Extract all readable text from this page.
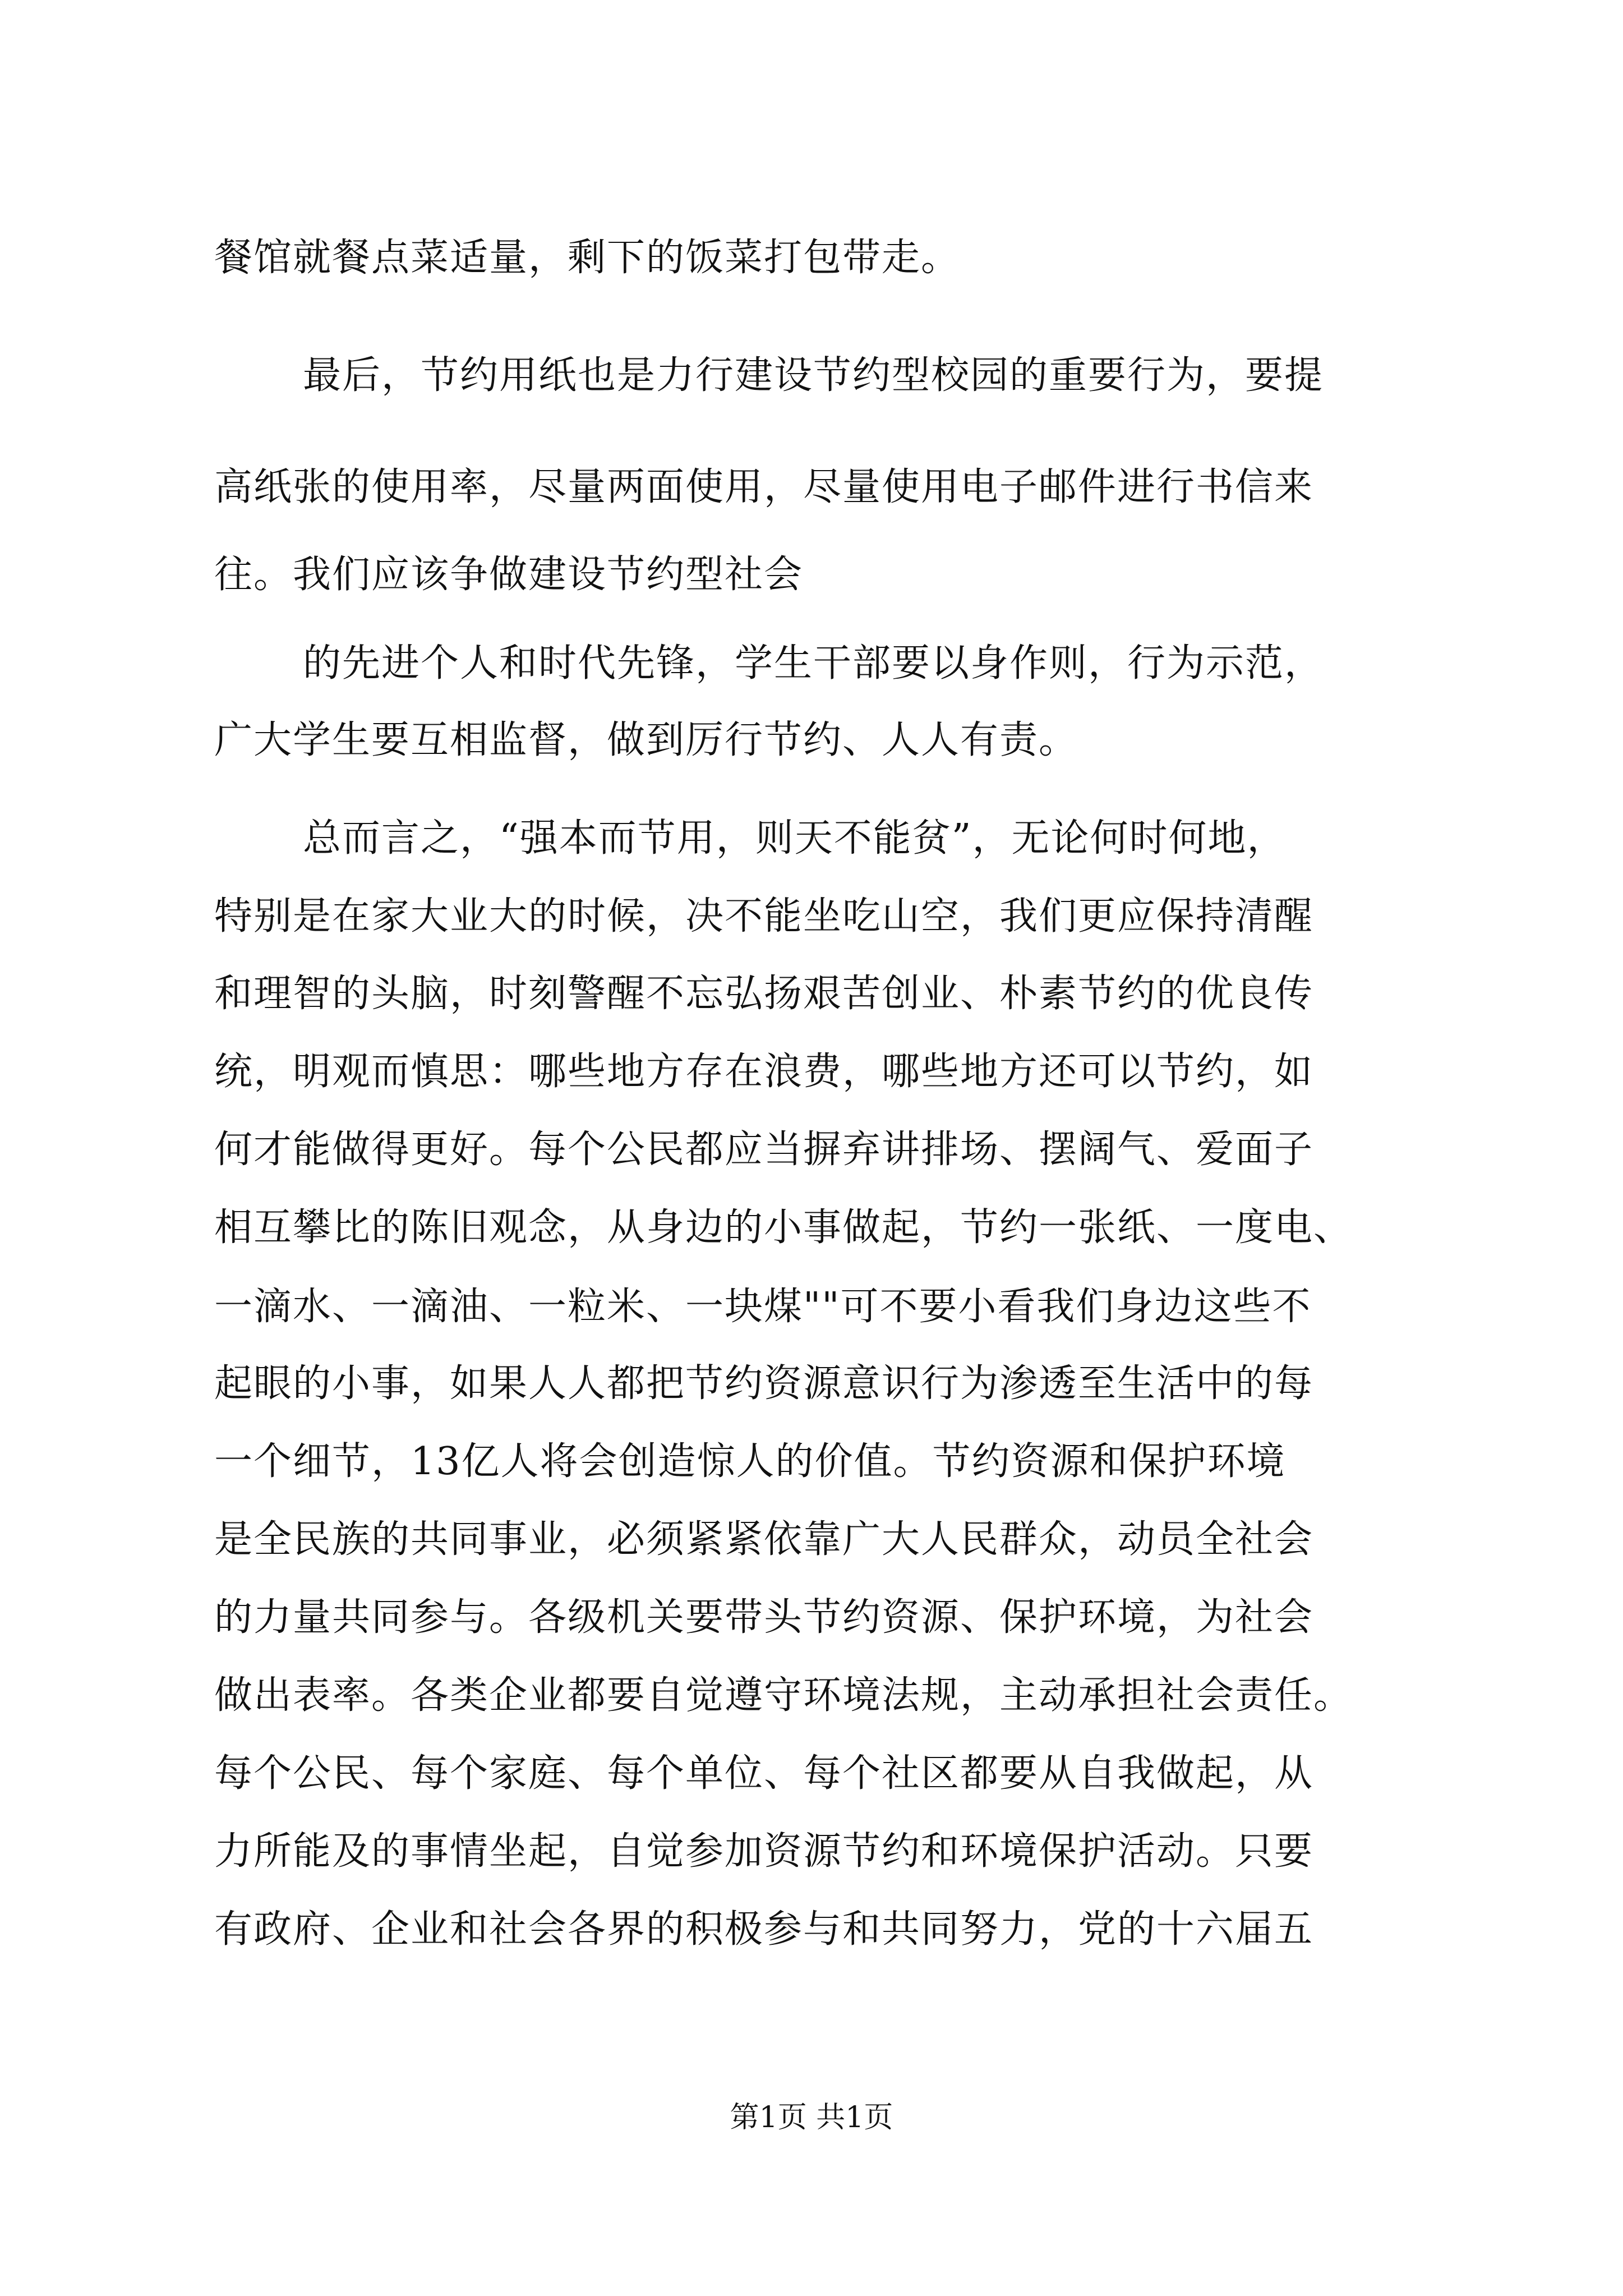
餐馆就餐点菜适量，剩下的饭菜打包带走。
最后，节约用纸也是力行建设节约型校园的重要行为，要提
高纸张的使用率，尽量两面使用，尽量使用电子邮件进行书信来
往。我们应该争做建设节约型社会
的先进个人和时代先锋，学生干部要以身作则，行为示范，
广大学生要互相监督，做到厉行节约、人人有责。
总而言之，“强本而节用，则天不能贫”，无论何时何地，
特别是在家大业大的时候，决不能坐吃山空，我们更应保持清醒
和理智的头脑，时刻警醒不忘弘扬艰苦创业、朴素节约的优良传
统，明观而慎思：哪些地方存在浪费，哪些地方还可以节约，如
何才能做得更好。每个公民都应当摒弃讲排场、摆阔气、爱面子
相互攀比的陈旧观念，从身边的小事做起，节约一张纸、一度电、
一滴水、一滴油、一粒米、一块煤""可不要小看我们身边这些不
起眼的小事，如果人人都把节约资源意识行为渗透至生活中的每
一个细节，13亿人将会创造惊人的价值。节约资源和保护环境
是全民族的共同事业，必须紧紧依靠广大人民群众，动员全社会
的力量共同参与。各级机关要带头节约资源、保护环境，为社会
做出表率。各类企业都要自觉遵守环境法规，主动承担社会责任。
每个公民、每个家庭、每个单位、每个社区都要从自我做起，从
力所能及的事情坐起，自觉参加资源节约和环境保护活动。只要
有政府、企业和社会各界的积极参与和共同努力，党的十六届五
第1页 共1页
